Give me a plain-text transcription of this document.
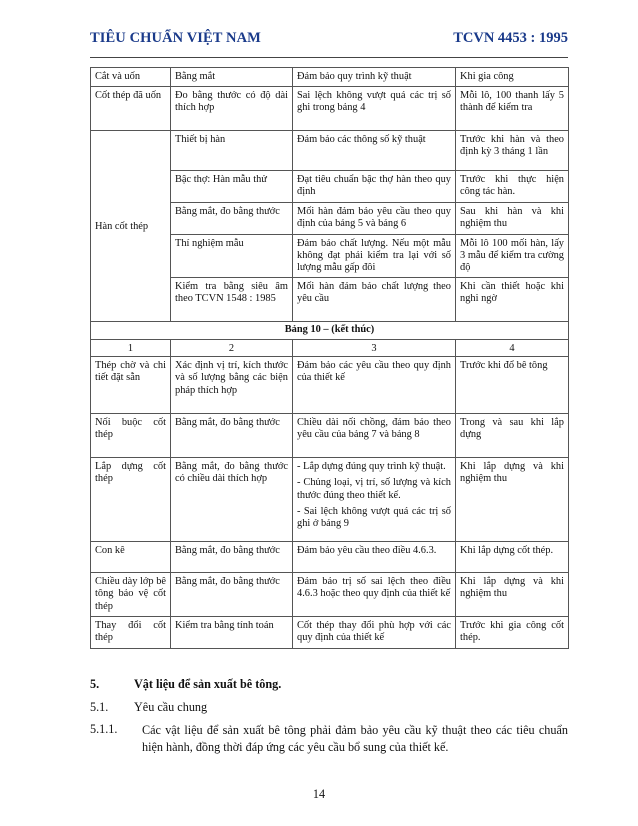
TIÊU CHUẨN VIỆT NAM	TCVN 4453 : 1995
Cắt và uốn	Bằng mắt	Đảm bảo quy trình kỹ thuật	Khi gia công
Cốt thép đã uốn	Đo bằng thước có độ dài thích hợp	Sai lệch không vượt quá các trị số ghi trong bảng 4	Mỗi lô, 100 thanh lấy 5 thành để kiểm tra
Hàn cốt thép	Thiết bị hàn	Đảm bảo các thông số kỹ thuật	Trước khi hàn và theo định kỳ 3 tháng 1 lần
	Bậc thợ: Hàn mẫu thử	Đạt tiêu chuẩn bậc thợ hàn theo quy định	Trước khi thực hiện công tác hàn.
	Bằng mắt, đo bằng thước	Mối hàn đảm bảo yêu cầu theo quy định của bảng 5 và bảng 6	Sau khi hàn và khi nghiệm thu
	Thí nghiệm mẫu	Đảm bảo chất lượng. Nếu một mẫu không đạt phải kiểm tra lại với số lượng mẫu gấp đôi	Mỗi lô 100 mối hàn, lấy 3 mẫu để kiểm tra cường độ
	Kiểm tra bằng siêu âm theo TCVN 1548 : 1985	Mối hàn đảm bảo chất lượng theo yêu cầu	Khi cần thiết hoặc khi nghi ngờ
Bảng 10 – (kết thúc)			
1	2	3	4
Thép chờ và chi tiết đặt sẵn	Xác định vị trí, kích thước và số lượng bằng các biện pháp thích hợp	Đảm bảo các yêu cầu theo quy định của thiết kế	Trước khi đổ bê tông
Nối buộc cốt thép	Bằng mắt, đo bằng thước	Chiều dài nối chồng, đảm bảo theo yêu cầu của bảng 7 và bảng 8	Trong và sau khi lắp dựng
Lắp dựng cốt thép	Bằng mắt, đo bằng thước có chiều dài thích hợp	- Lắp dựng đúng quy trình kỹ thuật.
- Chủng loại, vị trí, số lượng và kích thước đúng theo thiết kế.
- Sai lệch không vượt quá các trị số ghi ở bảng 9	Khi lắp dựng và khi nghiệm thu
Con kê	Bằng mắt, đo bằng thước	Đảm bảo yêu cầu theo điều 4.6.3.	Khi lắp dựng cốt thép.
Chiều dày lớp bê tông bảo vệ cốt thép	Bằng mắt, đo bằng thước	Đảm bảo trị số sai lệch theo điều 4.6.3 hoặc theo quy định của thiết kế	Khi lắp dựng và khi nghiệm thu
Thay đổi cốt thép	Kiểm tra bằng tính toán	Cốt thép thay đổi phù hợp với các quy định của thiết kế	Trước khi gia công cốt thép.
5.	Vật liệu để sản xuất bê tông.
5.1. Yêu cầu chung
5.1.1.	Các vật liệu để sản xuất bê tông phải đảm bảo yêu cầu kỹ thuật theo các tiêu chuẩn hiện hành, đồng thời đáp ứng các yêu cầu bổ sung của thiết kế.
14
